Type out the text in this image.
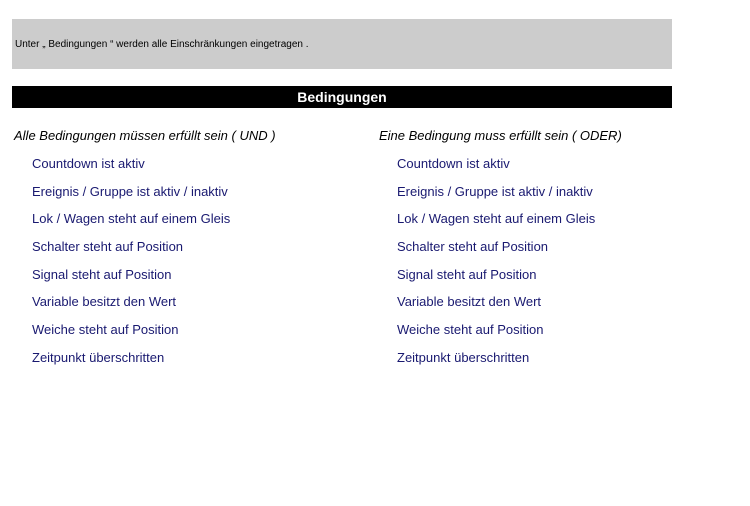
Unter „ Bedingungen “ werden alle Einschränkungen eingetragen .
Bedingungen
Alle Bedingungen müssen erfüllt sein ( UND )
Countdown ist aktiv
Ereignis / Gruppe ist aktiv / inaktiv
Lok / Wagen steht auf einem Gleis
Schalter steht auf Position
Signal steht auf Position
Variable besitzt den Wert
Weiche steht auf Position
Zeitpunkt überschritten
Eine Bedingung muss erfüllt sein ( ODER)
Countdown ist aktiv
Ereignis / Gruppe ist aktiv / inaktiv
Lok / Wagen steht auf einem Gleis
Schalter steht auf Position
Signal steht auf Position
Variable besitzt den Wert
Weiche steht auf Position
Zeitpunkt überschritten
